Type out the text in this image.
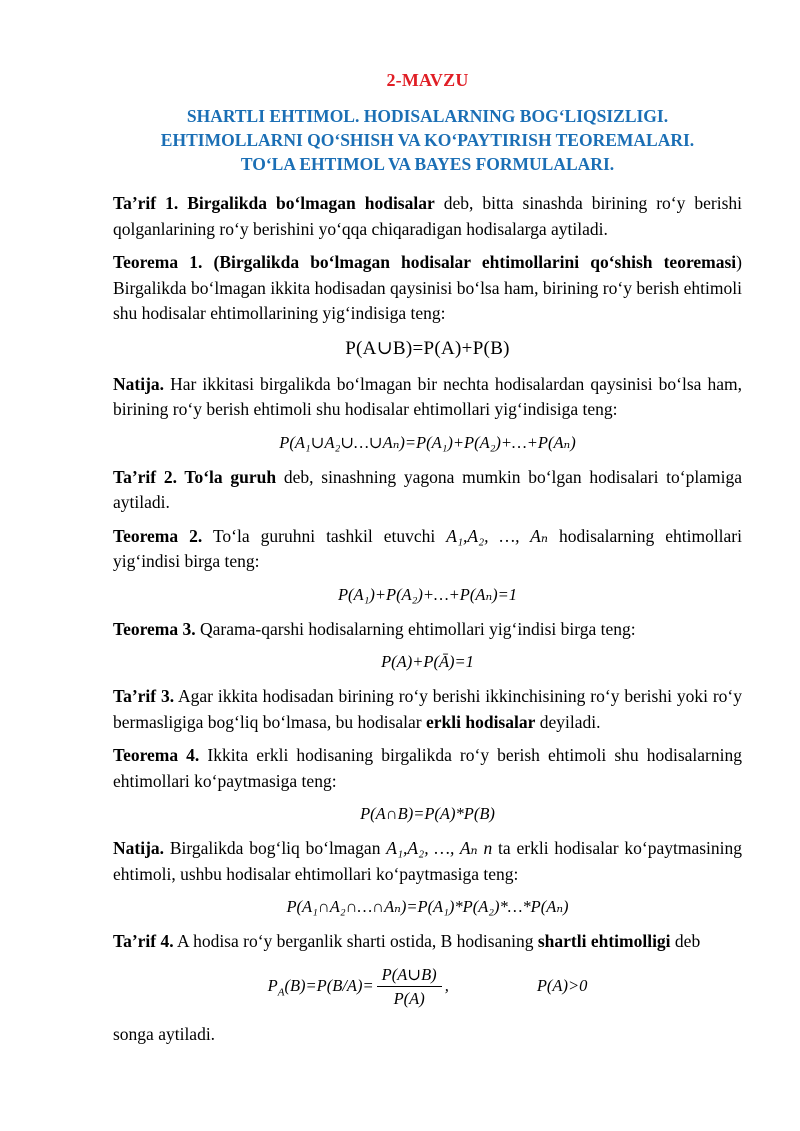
2-MAVZU
SHARTLI EHTIMOL. HODISALARNING BOG‘LIQSIZLIGI.
EHTIMOLLARNI QO‘SHISH VA KO‘PAYTIRISH TEOREMALARI.
TO‘LA EHTIMOL VA BAYES FORMULALARI.

Ta’rif 1. Birgalikda bo‘lmagan hodisalar deb, bitta sinashda birining ro‘y berishi qolganlarining ro‘y berishini yo‘qqa chiqaradigan hodisalarga aytiladi.

Teorema 1. (Birgalikda bo‘lmagan hodisalar ehtimollarini qo‘shish teoremasi) Birgalikda bo‘lmagan ikkita hodisadan qaysinisi bo‘lsa ham, birining ro‘y berish ehtimoli shu hodisalar ehtimollarining yig‘indisiga teng:

P(A∪B)=P(A)+P(B)

Natija. Har ikkitasi birgalikda bo‘lmagan bir nechta hodisalardan qaysinisi bo‘lsa ham, birining ro‘y berish ehtimoli shu hodisalar ehtimollari yig‘indisiga teng:

P(A₁∪A₂∪…∪Aₙ)=P(A₁)+P(A₂)+…+P(Aₙ)

Ta’rif 2. To‘la guruh deb, sinashning yagona mumkin bo‘lgan hodisalari to‘plamiga aytiladi.

Teorema 2. To‘la guruhni tashkil etuvchi A₁,A₂, …, Aₙ hodisalarning ehtimollari yig‘indisi birga teng:

P(A₁)+P(A₂)+…+P(Aₙ)=1

Teorema 3. Qarama-qarshi hodisalarning ehtimollari yig‘indisi birga teng:

P(A)+P(Ā)=1

Ta’rif 3. Agar ikkita hodisadan birining ro‘y berishi ikkinchisining ro‘y berishi yoki ro‘y bermasligiga bog‘liq bo‘lmasa, bu hodisalar erkli hodisalar deyiladi.

Teorema 4. Ikkita erkli hodisaning birgalikda ro‘y berish ehtimoli shu hodisalarning ehtimollari ko‘paytmasiga teng:

P(A∩B)=P(A)*P(B)

Natija. Birgalikda bog‘liq bo‘lmagan A₁,A₂, …, Aₙ n ta erkli hodisalar ko‘paytmasining ehtimoli, ushbu hodisalar ehtimollari ko‘paytmasiga teng:

P(A₁∩A₂∩…∩Aₙ)=P(A₁)*P(A₂)*…*P(Aₙ)

Ta’rif 4. A hodisa ro‘y berganlik sharti ostida, B hodisaning shartli ehtimolligi deb

$P_A(B)=P(B/A)= \frac{P(A\cup B)}{P(A)}$ ,	P(A)>0

songa aytiladi.
